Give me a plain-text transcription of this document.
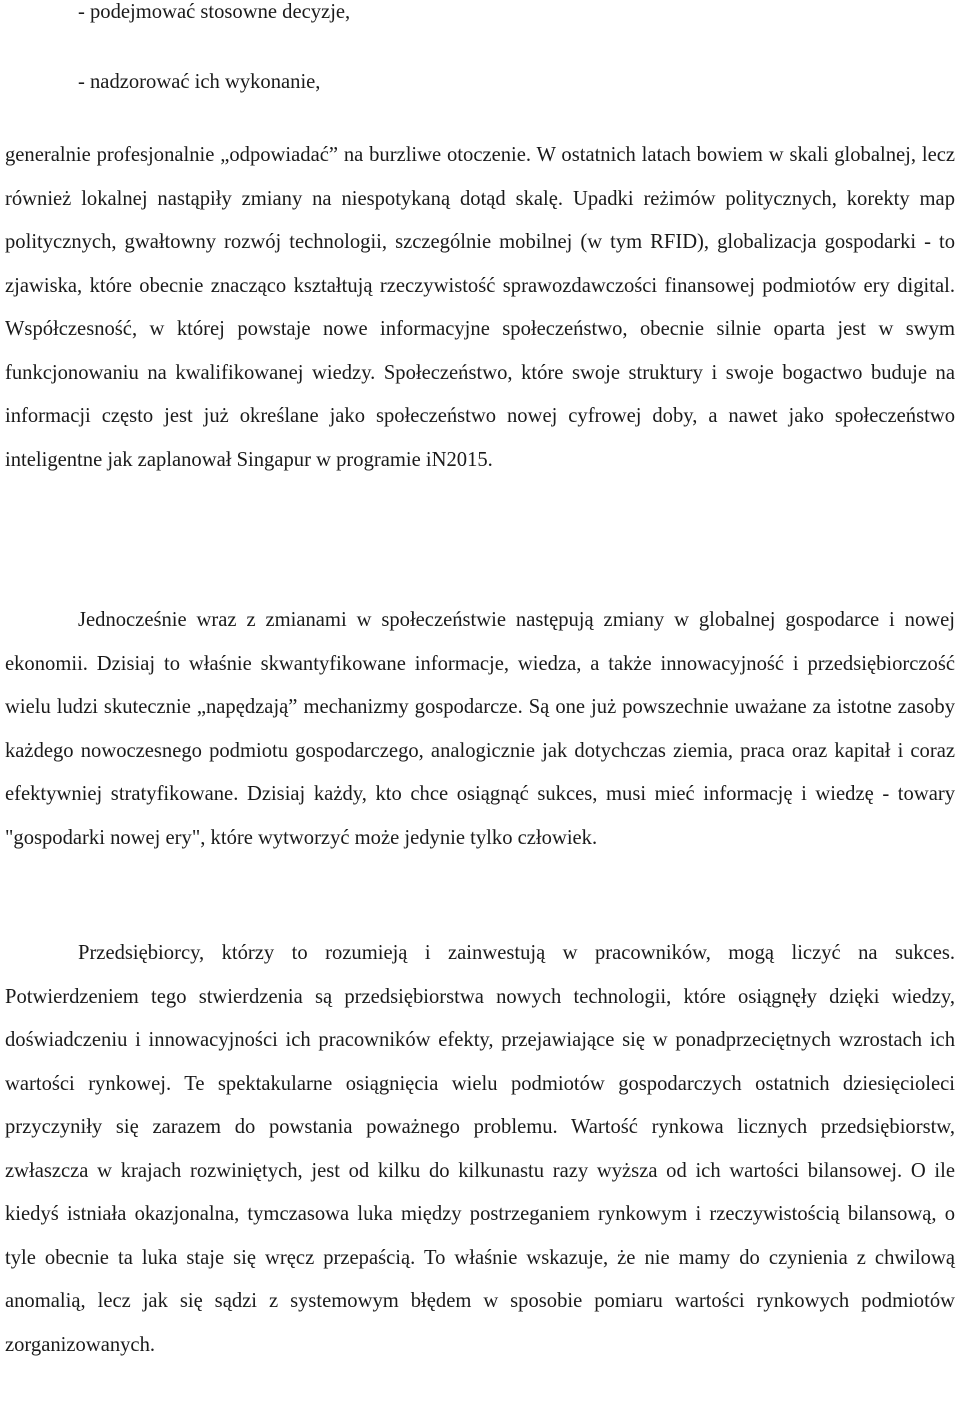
- podejmować stosowne decyzje,
- nadzorować ich wykonanie,

generalnie profesjonalnie „odpowiadać” na burzliwe otoczenie. W ostatnich latach bowiem w skali globalnej, lecz również lokalnej nastąpiły zmiany na niespotykaną dotąd skalę. Upadki reżimów politycznych, korekty map politycznych, gwałtowny rozwój technologii, szczególnie mobilnej (w tym RFID), globalizacja gospodarki - to zjawiska, które obecnie znacząco kształtują rzeczywistość sprawozdawczości finansowej podmiotów ery digital. Współczesność, w której powstaje nowe informacyjne społeczeństwo, obecnie silnie oparta jest w swym funkcjonowaniu na kwalifikowanej wiedzy. Społeczeństwo, które swoje struktury i swoje bogactwo buduje na informacji często jest już określane jako społeczeństwo nowej cyfrowej doby, a nawet jako społeczeństwo inteligentne jak zaplanował Singapur w programie iN2015.

Jednocześnie wraz z zmianami w społeczeństwie następują zmiany w globalnej gospodarce i nowej ekonomii. Dzisiaj to właśnie skwantyfikowane informacje, wiedza, a także innowacyjność i przedsiębiorczość wielu ludzi skutecznie „napędzają” mechanizmy gospodarcze. Są one już powszechnie uważane za istotne zasoby każdego nowoczesnego podmiotu gospodarczego, analogicznie jak dotychczas ziemia, praca oraz kapitał i coraz efektywniej stratyfikowane. Dzisiaj każdy, kto chce osiągnąć sukces, musi mieć informację i wiedzę - towary "gospodarki nowej ery", które wytworzyć może jedynie tylko człowiek.

Przedsiębiorcy, którzy to rozumieją i zainwestują w pracowników, mogą liczyć na sukces. Potwierdzeniem tego stwierdzenia są przedsiębiorstwa nowych technologii, które osiągnęły dzięki wiedzy, doświadczeniu i innowacyjności ich pracowników efekty, przejawiające się w ponadprzeciętnych wzrostach ich wartości rynkowej. Te spektakularne osiągnięcia wielu podmiotów gospodarczych ostatnich dziesięcioleci przyczyniły się zarazem do powstania poważnego problemu. Wartość rynkowa licznych przedsiębiorstw, zwłaszcza w krajach rozwiniętych, jest od kilku do kilkunastu razy wyższa od ich wartości bilansowej. O ile kiedyś istniała okazjonalna, tymczasowa luka między postrzeganiem rynkowym i rzeczywistością bilansową, o tyle obecnie ta luka staje się wręcz przepaścią. To właśnie wskazuje, że nie mamy do czynienia z chwilową anomalią, lecz jak się sądzi z systemowym błędem w sposobie pomiaru wartości rynkowych podmiotów zorganizowanych.
